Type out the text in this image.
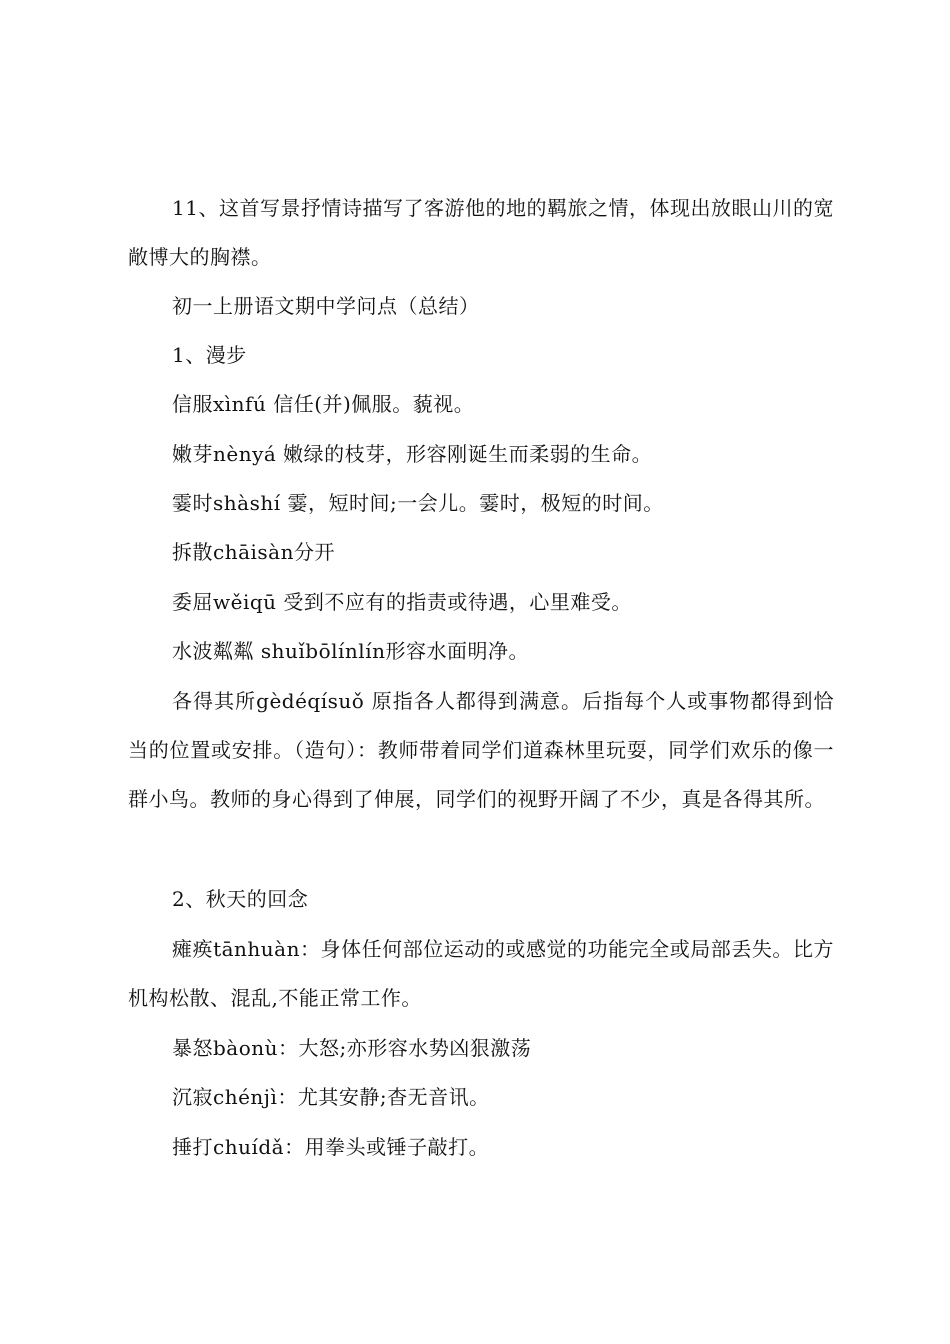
11、这首写景抒情诗描写了客游他的地的羁旅之情，体现出放眼山川的宽敞博大的胸襟。

初一上册语文期中学问点（总结）

1、漫步

信服xìnfú 信任(并)佩服。藐视。

嫩芽nènyá 嫩绿的枝芽，形容刚诞生而柔弱的生命。

霎时shàshí 霎，短时间;一会儿。霎时，极短的时间。

拆散chāisàn分开

委屈wěiqū 受到不应有的指责或待遇，心里难受。

水波粼粼 shuǐbōlínlín形容水面明净。

各得其所gèdéqísuǒ 原指各人都得到满意。后指每个人或事物都得到恰当的位置或安排。（造句）：教师带着同学们道森林里玩耍，同学们欢乐的像一群小鸟。教师的身心得到了伸展，同学们的视野开阔了不少，真是各得其所。

2、秋天的回念

瘫痪tānhuàn：身体任何部位运动的或感觉的功能完全或局部丢失。比方机构松散、混乱,不能正常工作。

暴怒bàonù：大怒;亦形容水势凶狠激荡

沉寂chénjì：尤其安静;杳无音讯。

捶打chuídǎ：用拳头或锤子敲打。
